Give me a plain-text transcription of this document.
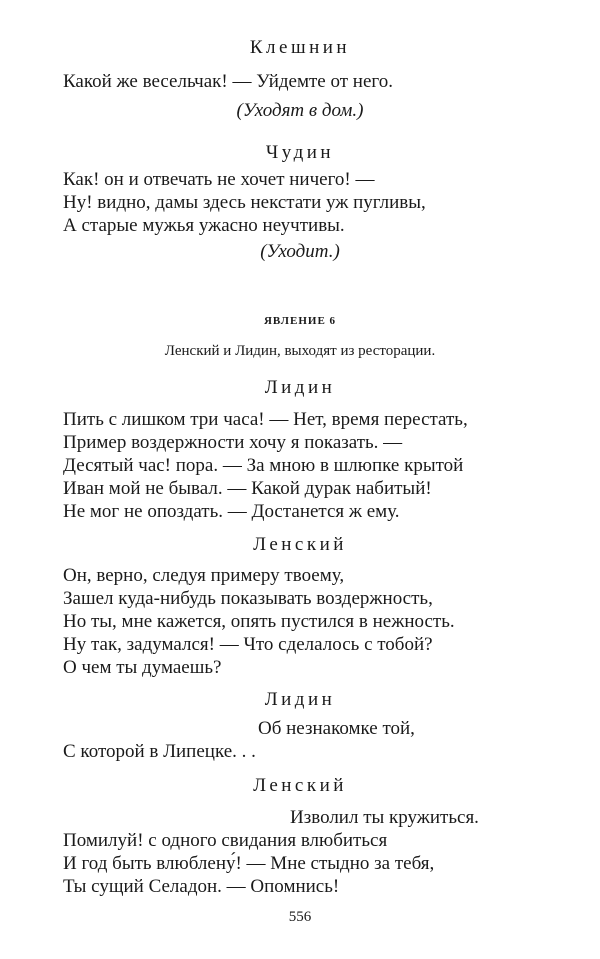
Клешнин

Какой же весельчак! — Уйдемте от него.

(Уходят в дом.)
Чудин

Как! он и отвечать не хочет ничего! —

Ну! видно, дамы здесь некстати уж пугливы,

А старые мужья ужасно неучтивы.

(Уходит.)
ЯВЛЕНИЕ 6
Ленский и Лидин, выходят из ресторации.
Лидин

Пить с лишком три часа! — Нет, время перестать,

Пример воздержности хочу я показать. —

Десятый час! пора. — За мною в шлюпке крытой

Иван мой не бывал. — Какой дурак набитый!

Не мог не опоздать. — Достанется ж ему.

Ленский

Он, верно, следуя примеру твоему,

Зашел куда-нибудь показывать воздержность,

Но ты, мне кажется, опять пустился в нежность.

Ну так, задумался! — Что сделалось с тобой?

О чем ты думаешь?

Лидин

Об незнакомке той,

С которой в Липецке. . .

Ленский

Изволил ты кружиться.

Помилуй! с одного свидания влюбиться

И год быть влюблену́! — Мне стыдно за тебя,

Ты сущий Селадон. — Опомнись!

556
